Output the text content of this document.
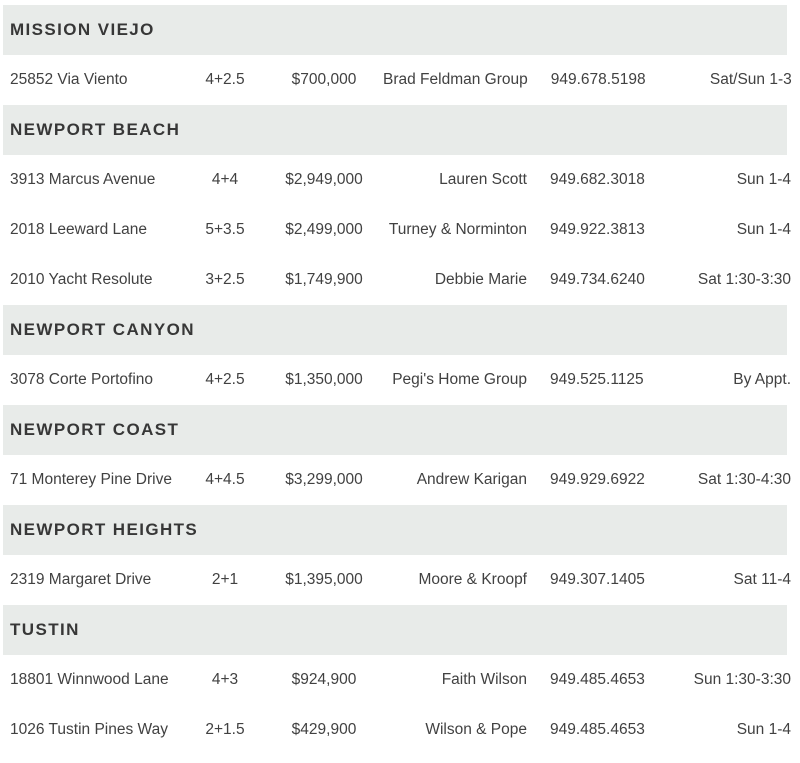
MISSION VIEJO
25852 Via Viento	4+2.5	$700,000	Brad Feldman Group	949.678.5198	Sat/Sun 1-3
NEWPORT BEACH
3913 Marcus Avenue	4+4	$2,949,000	Lauren Scott	949.682.3018	Sun 1-4
2018 Leeward Lane	5+3.5	$2,499,000	Turney & Norminton	949.922.3813	Sun 1-4
2010 Yacht Resolute	3+2.5	$1,749,900	Debbie Marie	949.734.6240	Sat 1:30-3:30
NEWPORT CANYON
3078 Corte Portofino	4+2.5	$1,350,000	Pegi's Home Group	949.525.1125	By Appt.
NEWPORT COAST
71 Monterey Pine Drive	4+4.5	$3,299,000	Andrew Karigan	949.929.6922	Sat 1:30-4:30
NEWPORT HEIGHTS
2319 Margaret Drive	2+1	$1,395,000	Moore & Kroopf	949.307.1405	Sat 11-4
TUSTIN
18801 Winnwood Lane	4+3	$924,900	Faith Wilson	949.485.4653	Sun 1:30-3:30
1026 Tustin Pines Way	2+1.5	$429,900	Wilson & Pope	949.485.4653	Sun 1-4
